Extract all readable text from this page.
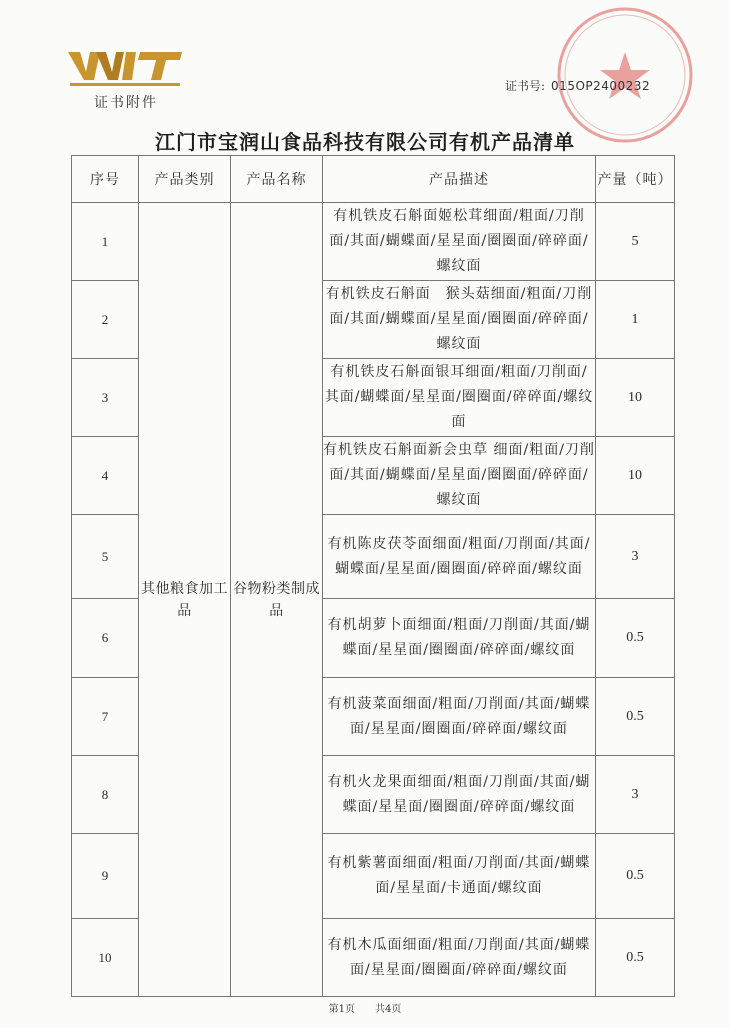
证书附件
证书号: 015OP2400232
江门市宝润山食品科技有限公司有机产品清单
序号	产品类别	产品名称	产品描述	产量（吨）
1	其他粮食加工品	谷物粉类制成品	有机铁皮石斛面姬松茸细面/粗面/刀削面/其面/蝴蝶面/星星面/圈圈面/碎碎面/螺纹面	5
2			有机铁皮石斛面　猴头菇细面/粗面/刀削面/其面/蝴蝶面/星星面/圈圈面/碎碎面/螺纹面	1
3			有机铁皮石斛面银耳细面/粗面/刀削面/其面/蝴蝶面/星星面/圈圈面/碎碎面/螺纹面	10
4			有机铁皮石斛面新会虫草 细面/粗面/刀削面/其面/蝴蝶面/星星面/圈圈面/碎碎面/螺纹面	10
5			有机陈皮茯苓面细面/粗面/刀削面/其面/蝴蝶面/星星面/圈圈面/碎碎面/螺纹面	3
6			有机胡萝卜面细面/粗面/刀削面/其面/蝴蝶面/星星面/圈圈面/碎碎面/螺纹面	0.5
7			有机菠菜面细面/粗面/刀削面/其面/蝴蝶面/星星面/圈圈面/碎碎面/螺纹面	0.5
8			有机火龙果面细面/粗面/刀削面/其面/蝴蝶面/星星面/圈圈面/碎碎面/螺纹面	3
9			有机紫薯面细面/粗面/刀削面/其面/蝴蝶面/星星面/卡通面/螺纹面	0.5
10			有机木瓜面细面/粗面/刀削面/其面/蝴蝶面/星星面/圈圈面/碎碎面/螺纹面	0.5
第1页 共4页
